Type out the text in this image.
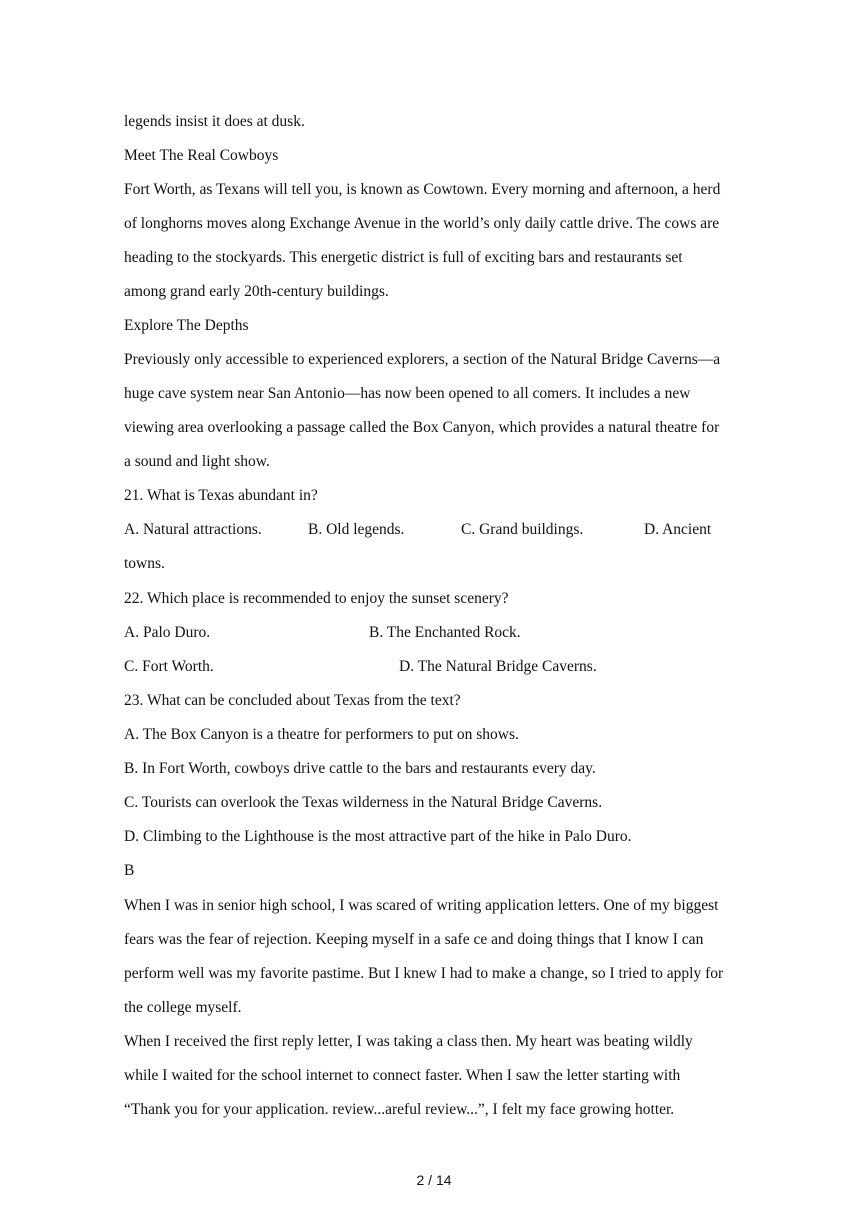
legends insist it does at dusk.
Meet The Real Cowboys
Fort Worth, as Texans will tell you, is known as Cowtown. Every morning and afternoon, a herd
of longhorns moves along Exchange Avenue in the world’s only daily cattle drive. The cows are
heading to the stockyards. This energetic district is full of exciting bars and restaurants set
among grand early 20th-century buildings.
Explore The Depths
Previously only accessible to experienced explorers, a section of the Natural Bridge Caverns—a
huge cave system near San Antonio—has now been opened to all comers. It includes a new
viewing area overlooking a passage called the Box Canyon, which provides a natural theatre for
a sound and light show.
21. What is Texas abundant in?
A. Natural attractions.	B. Old legends.	C. Grand buildings.	D. Ancient
towns.
22. Which place is recommended to enjoy the sunset scenery?
A. Palo Duro.	B. The Enchanted Rock.
C. Fort Worth.	D. The Natural Bridge Caverns.
23. What can be concluded about Texas from the text?
A. The Box Canyon is a theatre for performers to put on shows.
B. In Fort Worth, cowboys drive cattle to the bars and restaurants every day.
C. Tourists can overlook the Texas wilderness in the Natural Bridge Caverns.
D. Climbing to the Lighthouse is the most attractive part of the hike in Palo Duro.
B
When I was in senior high school, I was scared of writing application letters. One of my biggest
fears was the fear of rejection. Keeping myself in a safe ce and doing things that I know I can
perform well was my favorite pastime. But I knew I had to make a change, so I tried to apply for
the college myself.
When I received the first reply letter, I was taking a class then. My heart was beating wildly
while I waited for the school internet to connect faster. When I saw the letter starting with
“Thank you for your application. review...areful review...”, I felt my face growing hotter.
2 / 14
